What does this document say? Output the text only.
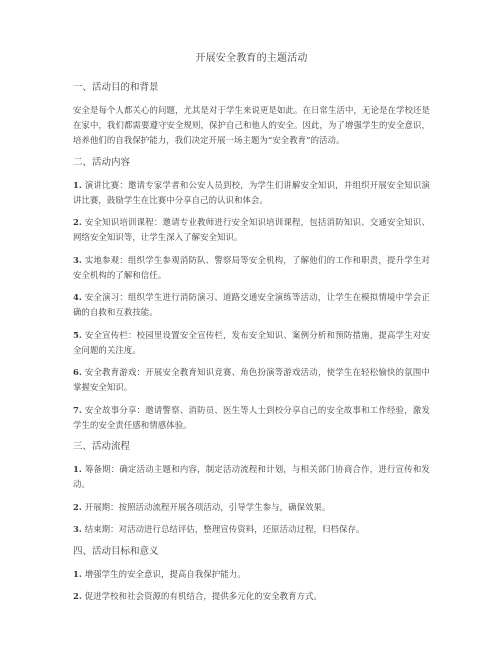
开展安全教育的主题活动
一、活动目的和背景

安全是每个人都关心的问题，尤其是对于学生来说更是如此。在日常生活中，无论是在学校还是在家中，我们都需要遵守安全规则，保护自己和他人的安全。因此，为了增强学生的安全意识，培养他们的自我保护能力，我们决定开展一场主题为“安全教育”的活动。

二、活动内容

1. 演讲比赛：邀请专家学者和公安人员到校，为学生们讲解安全知识，并组织开展安全知识演讲比赛，鼓励学生在比赛中分享自己的认识和体会。

2. 安全知识培训课程：邀请专业教师进行安全知识培训课程，包括消防知识、交通安全知识、网络安全知识等，让学生深入了解安全知识。

3. 实地参观：组织学生参观消防队、警察局等安全机构，了解他们的工作和职责，提升学生对安全机构的了解和信任。

4. 安全演习：组织学生进行消防演习、道路交通安全演练等活动，让学生在模拟情境中学会正确的自救和互救技能。

5. 安全宣传栏：校园里设置安全宣传栏，发布安全知识、案例分析和预防措施，提高学生对安全问题的关注度。

6. 安全教育游戏：开展安全教育知识竞赛、角色扮演等游戏活动，使学生在轻松愉快的氛围中掌握安全知识。

7. 安全故事分享：邀请警察、消防员、医生等人士到校分享自己的安全故事和工作经验，激发学生的安全责任感和情感体验。

三、活动流程

1. 筹备期：确定活动主题和内容，制定活动流程和计划，与相关部门协商合作，进行宣传和发动。

2. 开展期：按照活动流程开展各项活动，引导学生参与，确保效果。

3. 结束期：对活动进行总结评估，整理宣传资料，还原活动过程，归档保存。

四、活动目标和意义

1. 增强学生的安全意识，提高自我保护能力。

2. 促进学校和社会资源的有机结合，提供多元化的安全教育方式。
